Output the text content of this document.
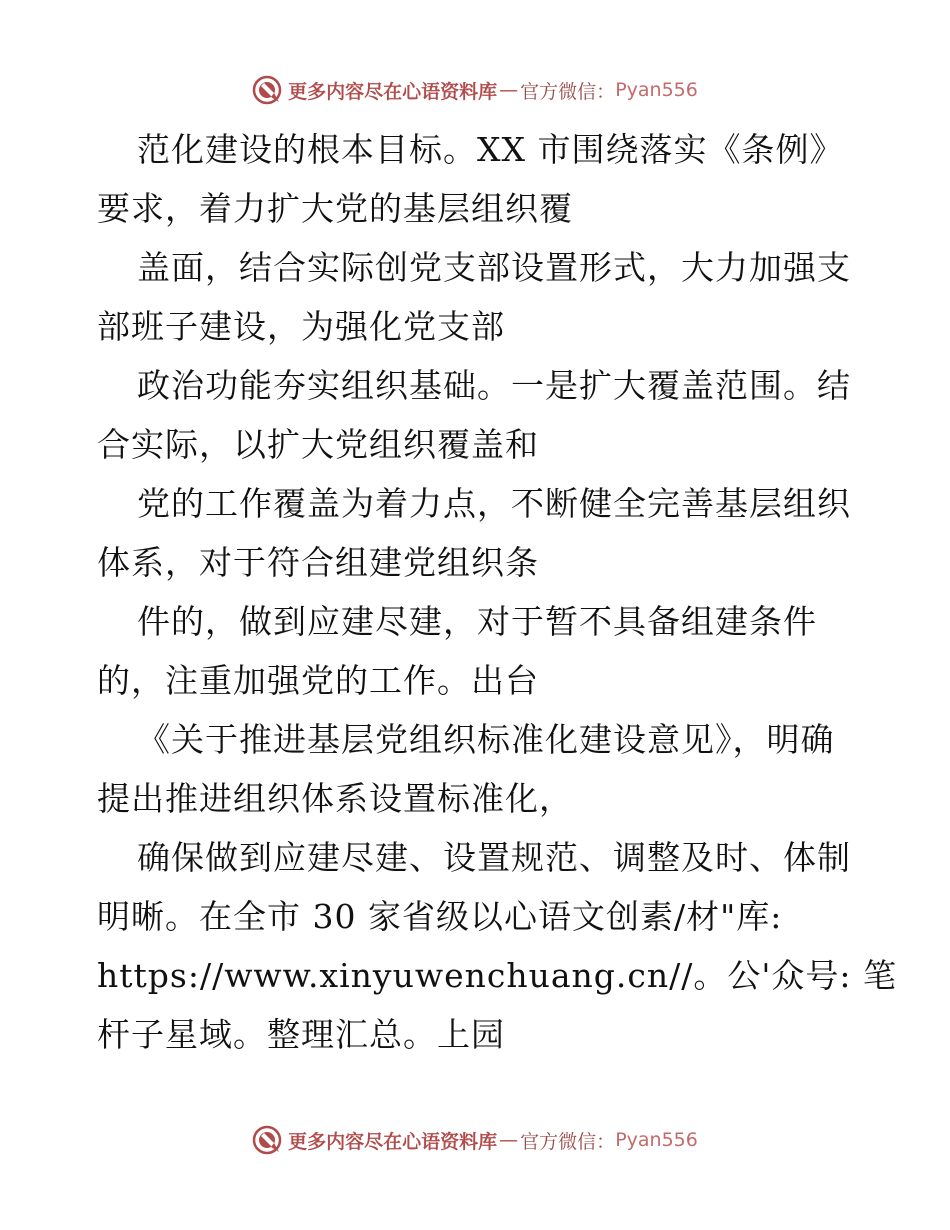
更多内容尽在心语资料库 — 官方微信： Pyan556
范化建设的根本目标。XX 市围绕落实《条例》
要求，着力扩大党的基层组织覆
盖面，结合实际创党支部设置形式，大力加强支
部班子建设，为强化党支部
政治功能夯实组织基础。一是扩大覆盖范围。结
合实际，以扩大党组织覆盖和
党的工作覆盖为着力点，不断健全完善基层组织
体系，对于符合组建党组织条
件的，做到应建尽建，对于暂不具备组建条件
的，注重加强党的工作。出台
《关于推进基层党组织标准化建设意见》，明确
提出推进组织体系设置标准化，
确保做到应建尽建、设置规范、调整及时、体制
明晰。在全市 30 家省级以心语文创素/材"库:
https://www.xinyuwenchuang.cn//。公'众号: 笔
杆子星域。整理汇总。上园
更多内容尽在心语资料库 — 官方微信： Pyan556
